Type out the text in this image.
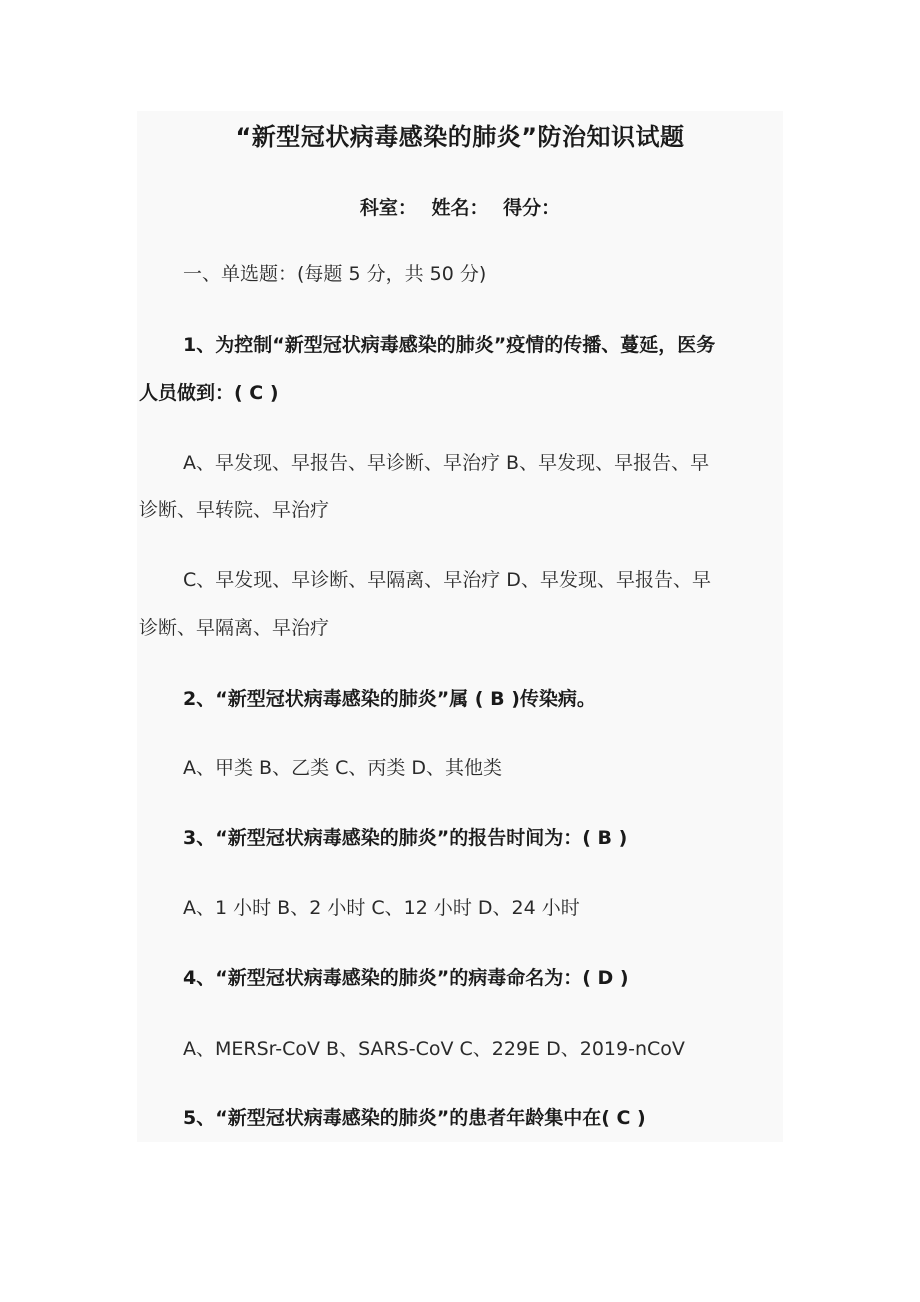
“新型冠状病毒感染的肺炎”防治知识试题
科室： 姓名： 得分：
一、单选题：(每题 5 分，共 50 分)
1、为控制“新型冠状病毒感染的肺炎”疫情的传播、蔓延，医务
人员做到：( C )
A、早发现、早报告、早诊断、早治疗 B、早发现、早报告、早
诊断、早转院、早治疗
C、早发现、早诊断、早隔离、早治疗 D、早发现、早报告、早
诊断、早隔离、早治疗
2、“新型冠状病毒感染的肺炎”属 ( B )传染病。
A、甲类 B、乙类 C、丙类 D、其他类
3、“新型冠状病毒感染的肺炎”的报告时间为：( B )
A、1 小时 B、2 小时 C、12 小时 D、24 小时
4、“新型冠状病毒感染的肺炎”的病毒命名为：( D )
A、MERSr-CoV B、SARS-CoV C、229E D、2019-nCoV
5、“新型冠状病毒感染的肺炎”的患者年龄集中在( C )
